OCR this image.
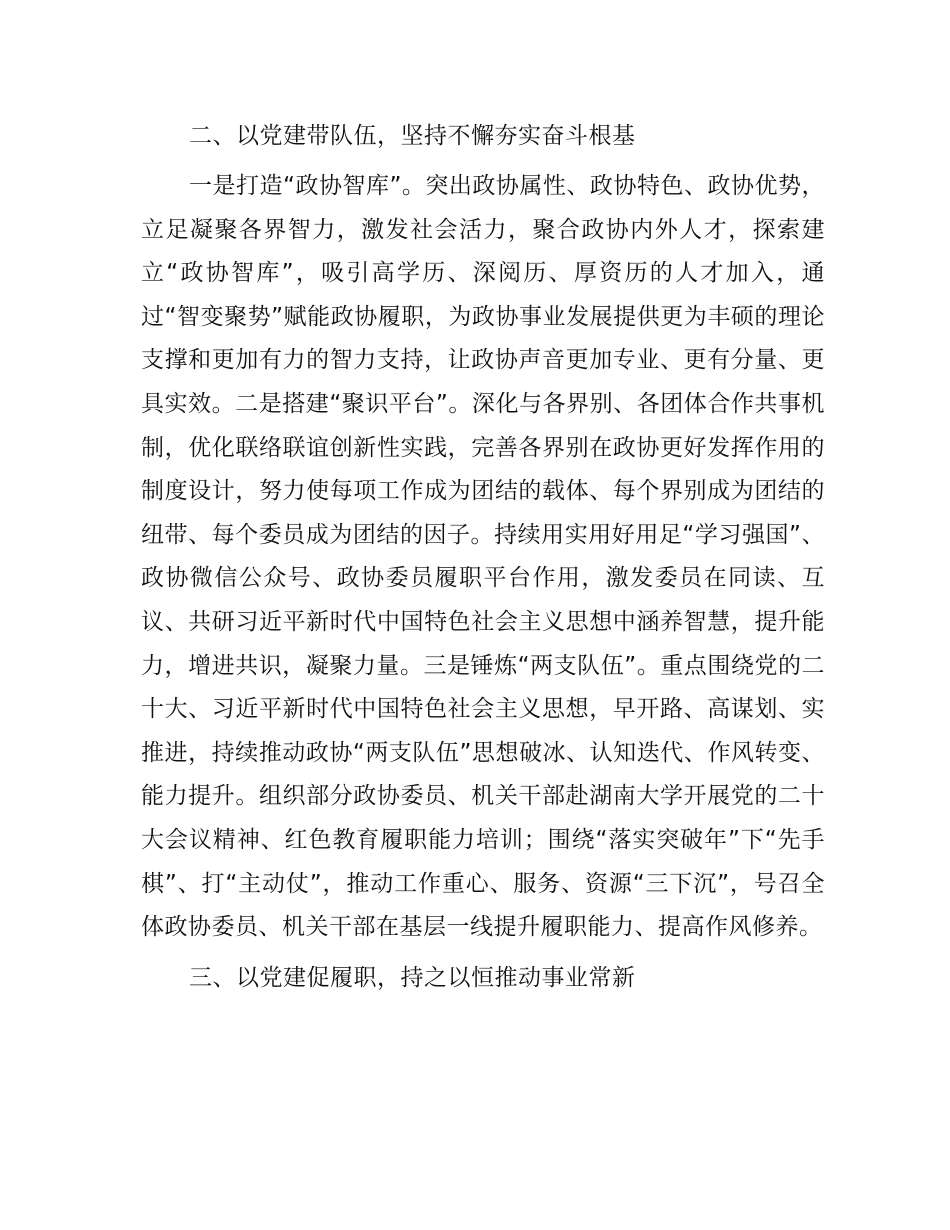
二、以党建带队伍，坚持不懈夯实奋斗根基

一是打造“政协智库”。突出政协属性、政协特色、政协优势，立足凝聚各界智力，激发社会活力，聚合政协内外人才，探索建立“政协智库”，吸引高学历、深阅历、厚资历的人才加入，通过“智变聚势”赋能政协履职，为政协事业发展提供更为丰硕的理论支撑和更加有力的智力支持，让政协声音更加专业、更有分量、更具实效。二是搭建“聚识平台”。深化与各界别、各团体合作共事机制，优化联络联谊创新性实践，完善各界别在政协更好发挥作用的制度设计，努力使每项工作成为团结的载体、每个界别成为团结的纽带、每个委员成为团结的因子。持续用实用好用足“学习强国”、政协微信公众号、政协委员履职平台作用，激发委员在同读、互议、共研习近平新时代中国特色社会主义思想中涵养智慧，提升能力，增进共识，凝聚力量。三是锤炼“两支队伍”。重点围绕党的二十大、习近平新时代中国特色社会主义思想，早开路、高谋划、实推进，持续推动政协“两支队伍”思想破冰、认知迭代、作风转变、能力提升。组织部分政协委员、机关干部赴湖南大学开展党的二十大会议精神、红色教育履职能力培训；围绕“落实突破年”下“先手棋”、打“主动仗”，推动工作重心、服务、资源“三下沉”，号召全体政协委员、机关干部在基层一线提升履职能力、提高作风修养。

三、以党建促履职，持之以恒推动事业常新
